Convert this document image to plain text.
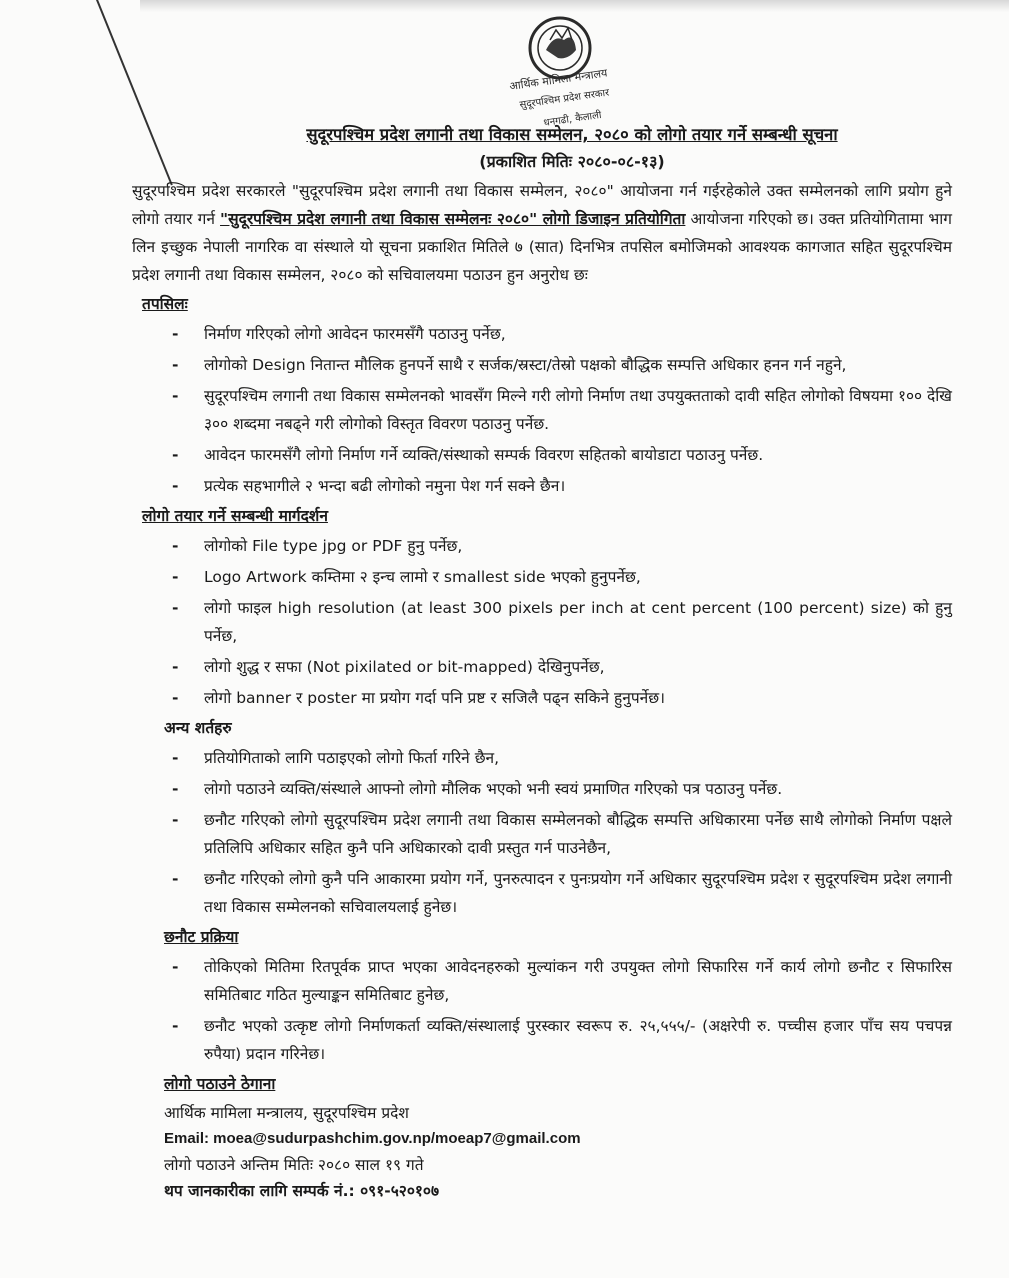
आर्थिक मामिला मन्त्रालय
सुदूरपश्चिम प्रदेश सरकार
धनगढी, कैलाली
सुदूरपश्चिम प्रदेश लगानी तथा विकास सम्मेलन, २०८० को लोगो तयार गर्ने सम्बन्धी सूचना
(प्रकाशित मितिः २०८०-०८-१३)

सुदूरपश्चिम प्रदेश सरकारले "सुदूरपश्चिम प्रदेश लगानी तथा विकास सम्मेलन, २०८०" आयोजना गर्न गईरहेकोले उक्त सम्मेलनको लागि प्रयोग हुने लोगो तयार गर्न "सुदूरपश्चिम प्रदेश लगानी तथा विकास सम्मेलनः २०८०" लोगो डिजाइन प्रतियोगिता आयोजना गरिएको छ। उक्त प्रतियोगितामा भाग लिन इच्छुक नेपाली नागरिक वा संस्थाले यो सूचना प्रकाशित मितिले ७ (सात) दिनभित्र तपसिल बमोजिमको आवश्यक कागजात सहित सुदूरपश्चिम प्रदेश लगानी तथा विकास सम्मेलन, २०८० को सचिवालयमा पठाउन हुन अनुरोध छः

तपसिलः
- निर्माण गरिएको लोगो आवेदन फारमसँगै पठाउनु पर्नेछ,
- लोगोको Design नितान्त मौलिक हुनपर्ने साथै र सर्जक/स्रस्टा/तेस्रो पक्षको बौद्धिक सम्पत्ति अधिकार हनन गर्न नहुने,
- सुदूरपश्चिम लगानी तथा विकास सम्मेलनको भावसँग मिल्ने गरी लोगो निर्माण तथा उपयुक्तताको दावी सहित लोगोको विषयमा १०० देखि ३०० शब्दमा नबढ्ने गरी लोगोको विस्तृत विवरण पठाउनु पर्नेछ.
- आवेदन फारमसँगै लोगो निर्माण गर्ने व्यक्ति/संस्थाको सम्पर्क विवरण सहितको बायोडाटा पठाउनु पर्नेछ.
- प्रत्येक सहभागीले २ भन्दा बढी लोगोको नमुना पेश गर्न सक्ने छैन।
लोगो तयार गर्ने सम्बन्धी मार्गदर्शन
- लोगोको File type jpg or PDF हुनु पर्नेछ,
- Logo Artwork कम्तिमा २ इन्च लामो र smallest side भएको हुनुपर्नेछ,
- लोगो फाइल high resolution (at least 300 pixels per inch at cent percent (100 percent) size) को हुनु पर्नेछ,
- लोगो शुद्ध र सफा (Not pixilated or bit-mapped) देखिनुपर्नेछ,
- लोगो banner र poster मा प्रयोग गर्दा पनि प्रष्ट र सजिलै पढ्न सकिने हुनुपर्नेछ।
अन्य शर्तहरु
- प्रतियोगिताको लागि पठाइएको लोगो फिर्ता गरिने छैन,
- लोगो पठाउने व्यक्ति/संस्थाले आफ्नो लोगो मौलिक भएको भनी स्वयं प्रमाणित गरिएको पत्र पठाउनु पर्नेछ.
- छनौट गरिएको लोगो सुदूरपश्चिम प्रदेश लगानी तथा विकास सम्मेलनको बौद्धिक सम्पत्ति अधिकारमा पर्नेछ साथै लोगोको निर्माण पक्षले प्रतिलिपि अधिकार सहित कुनै पनि अधिकारको दावी प्रस्तुत गर्न पाउनेछैन,
- छनौट गरिएको लोगो कुनै पनि आकारमा प्रयोग गर्ने, पुनरुत्पादन र पुनःप्रयोग गर्ने अधिकार सुदूरपश्चिम प्रदेश र सुदूरपश्चिम प्रदेश लगानी तथा विकास सम्मेलनको सचिवालयलाई हुनेछ।
छनौट प्रक्रिया
- तोकिएको मितिमा रितपूर्वक प्राप्त भएका आवेदनहरुको मुल्यांकन गरी उपयुक्त लोगो सिफारिस गर्ने कार्य लोगो छनौट र सिफारिस समितिबाट गठित मुल्याङ्कन समितिबाट हुनेछ,
- छनौट भएको उत्कृष्ट लोगो निर्माणकर्ता व्यक्ति/संस्थालाई पुरस्कार स्वरूप रु. २५,५५५/- (अक्षरेपी रु. पच्चीस हजार पाँच सय पचपन्न रुपैया) प्रदान गरिनेछ।
लोगो पठाउने ठेगाना
आर्थिक मामिला मन्त्रालय, सुदूरपश्चिम प्रदेश
Email: moea@sudurpashchim.gov.np/moeap7@gmail.com
लोगो पठाउने अन्तिम मितिः २०८० साल १९ गते
थप जानकारीका लागि सम्पर्क नं.: ०९१-५२०१०७
